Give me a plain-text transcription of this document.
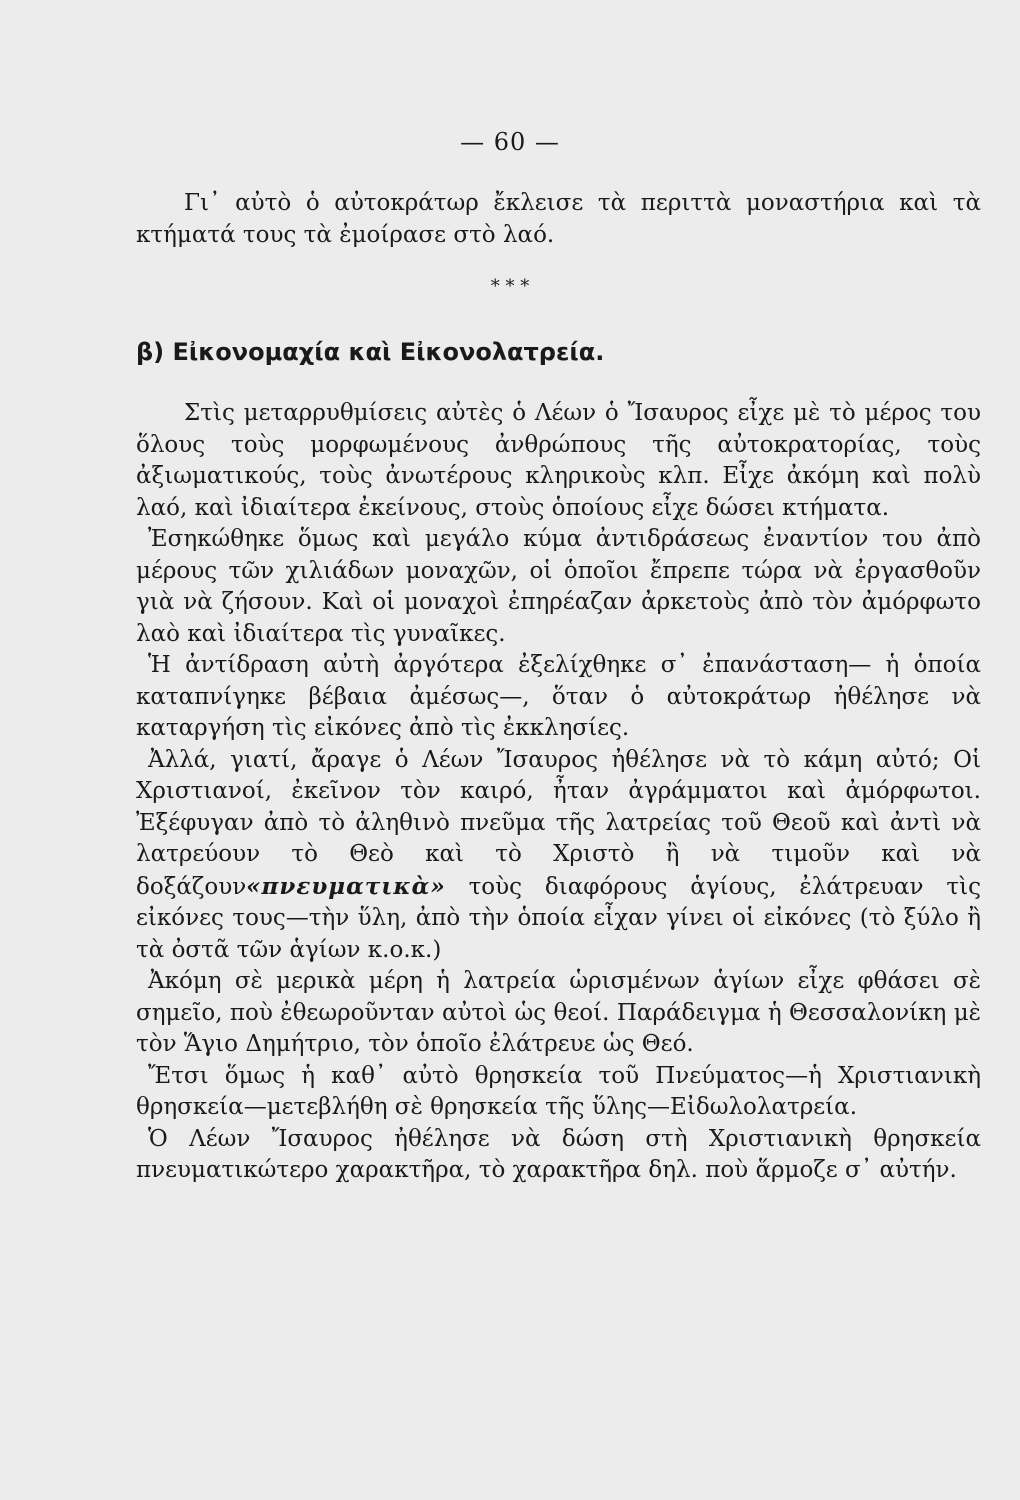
— 60 —

Γι᾽ αὐτὸ ὁ αὐτοκράτωρ ἔκλεισε τὰ περιττὰ μοναστήρια καὶ τὰ κτήματά τους τὰ ἐμοίρασε στὸ λαό.

* * *
β) Εἰκονομαχία καὶ Εἰκονολατρεία.

Στὶς μεταρρυθμίσεις αὐτὲς ὁ Λέων ὁ Ἴσαυρος εἶχε μὲ τὸ μέρος του ὅλους τοὺς μορφωμένους ἀνθρώπους τῆς αὐτοκρατορίας, τοὺς ἀξιωματικούς, τοὺς ἀνωτέρους κληρικοὺς κλπ. Εἶχε ἀκόμη καὶ πολὺ λαό, καὶ ἰδιαίτερα ἐκείνους, στοὺς ὁποίους εἶχε δώσει κτήματα.

Ἐσηκώθηκε ὅμως καὶ μεγάλο κύμα ἀντιδράσεως ἐναντίον του ἀπὸ μέρους τῶν χιλιάδων μοναχῶν, οἱ ὁποῖοι ἔπρεπε τώρα νὰ ἐργασθοῦν γιὰ νὰ ζήσουν. Καὶ οἱ μοναχοὶ ἐπηρέαζαν ἀρκετοὺς ἀπὸ τὸν ἀμόρφωτο λαὸ καὶ ἰδιαίτερα τὶς γυναῖκες.

Ἡ ἀντίδραση αὐτὴ ἀργότερα ἐξελίχθηκε σ᾽ ἐπανάσταση— ἡ ὁποία καταπνίγηκε βέβαια ἀμέσως—, ὅταν ὁ αὐτοκράτωρ ἠθέλησε νὰ καταργήση τὶς εἰκόνες ἀπὸ τὶς ἐκκλησίες.

Ἀλλά, γιατί, ἄραγε ὁ Λέων Ἴσαυρος ἠθέλησε νὰ τὸ κάμη αὐτό; Οἱ Χριστιανοί, ἐκεῖνον τὸν καιρό, ἦταν ἀγράμματοι καὶ ἀμόρφωτοι. Ἐξέφυγαν ἀπὸ τὸ ἀληθινὸ πνεῦμα τῆς λατρείας τοῦ Θεοῦ καὶ ἀντὶ νὰ λατρεύουν τὸ Θεὸ καὶ τὸ Χριστὸ ἢ νὰ τιμοῦν καὶ νὰ δοξάζουν«πνευματικὰ» τοὺς διαφόρους ἁγίους, ἐλάτρευαν τὶς εἰκόνες τους—τὴν ὕλη, ἀπὸ τὴν ὁποία εἶχαν γίνει οἱ εἰκόνες (τὸ ξύλο ἢ τὰ ὀστᾶ τῶν ἁγίων κ.ο.κ.)

Ἀκόμη σὲ μερικὰ μέρη ἡ λατρεία ὡρισμένων ἁγίων εἶχε φθάσει σὲ σημεῖο, ποὺ ἐθεωροῦνταν αὐτοὶ ὡς θεοί. Παράδειγμα ἡ Θεσσαλονίκη μὲ τὸν Ἅγιο Δημήτριο, τὸν ὁποῖο ἐλάτρευε ὡς Θεό.

Ἔτσι ὅμως ἡ καθ᾽ αὐτὸ θρησκεία τοῦ Πνεύματος—ἡ Χριστιανικὴ θρησκεία—μετεβλήθη σὲ θρησκεία τῆς ὕλης—Εἰδωλολατρεία.

Ὁ Λέων Ἴσαυρος ἠθέλησε νὰ δώση στὴ Χριστιανικὴ θρησκεία πνευματικώτερο χαρακτῆρα, τὸ χαρακτῆρα δηλ. ποὺ ἅρμοζε σ᾽ αὐτήν.
